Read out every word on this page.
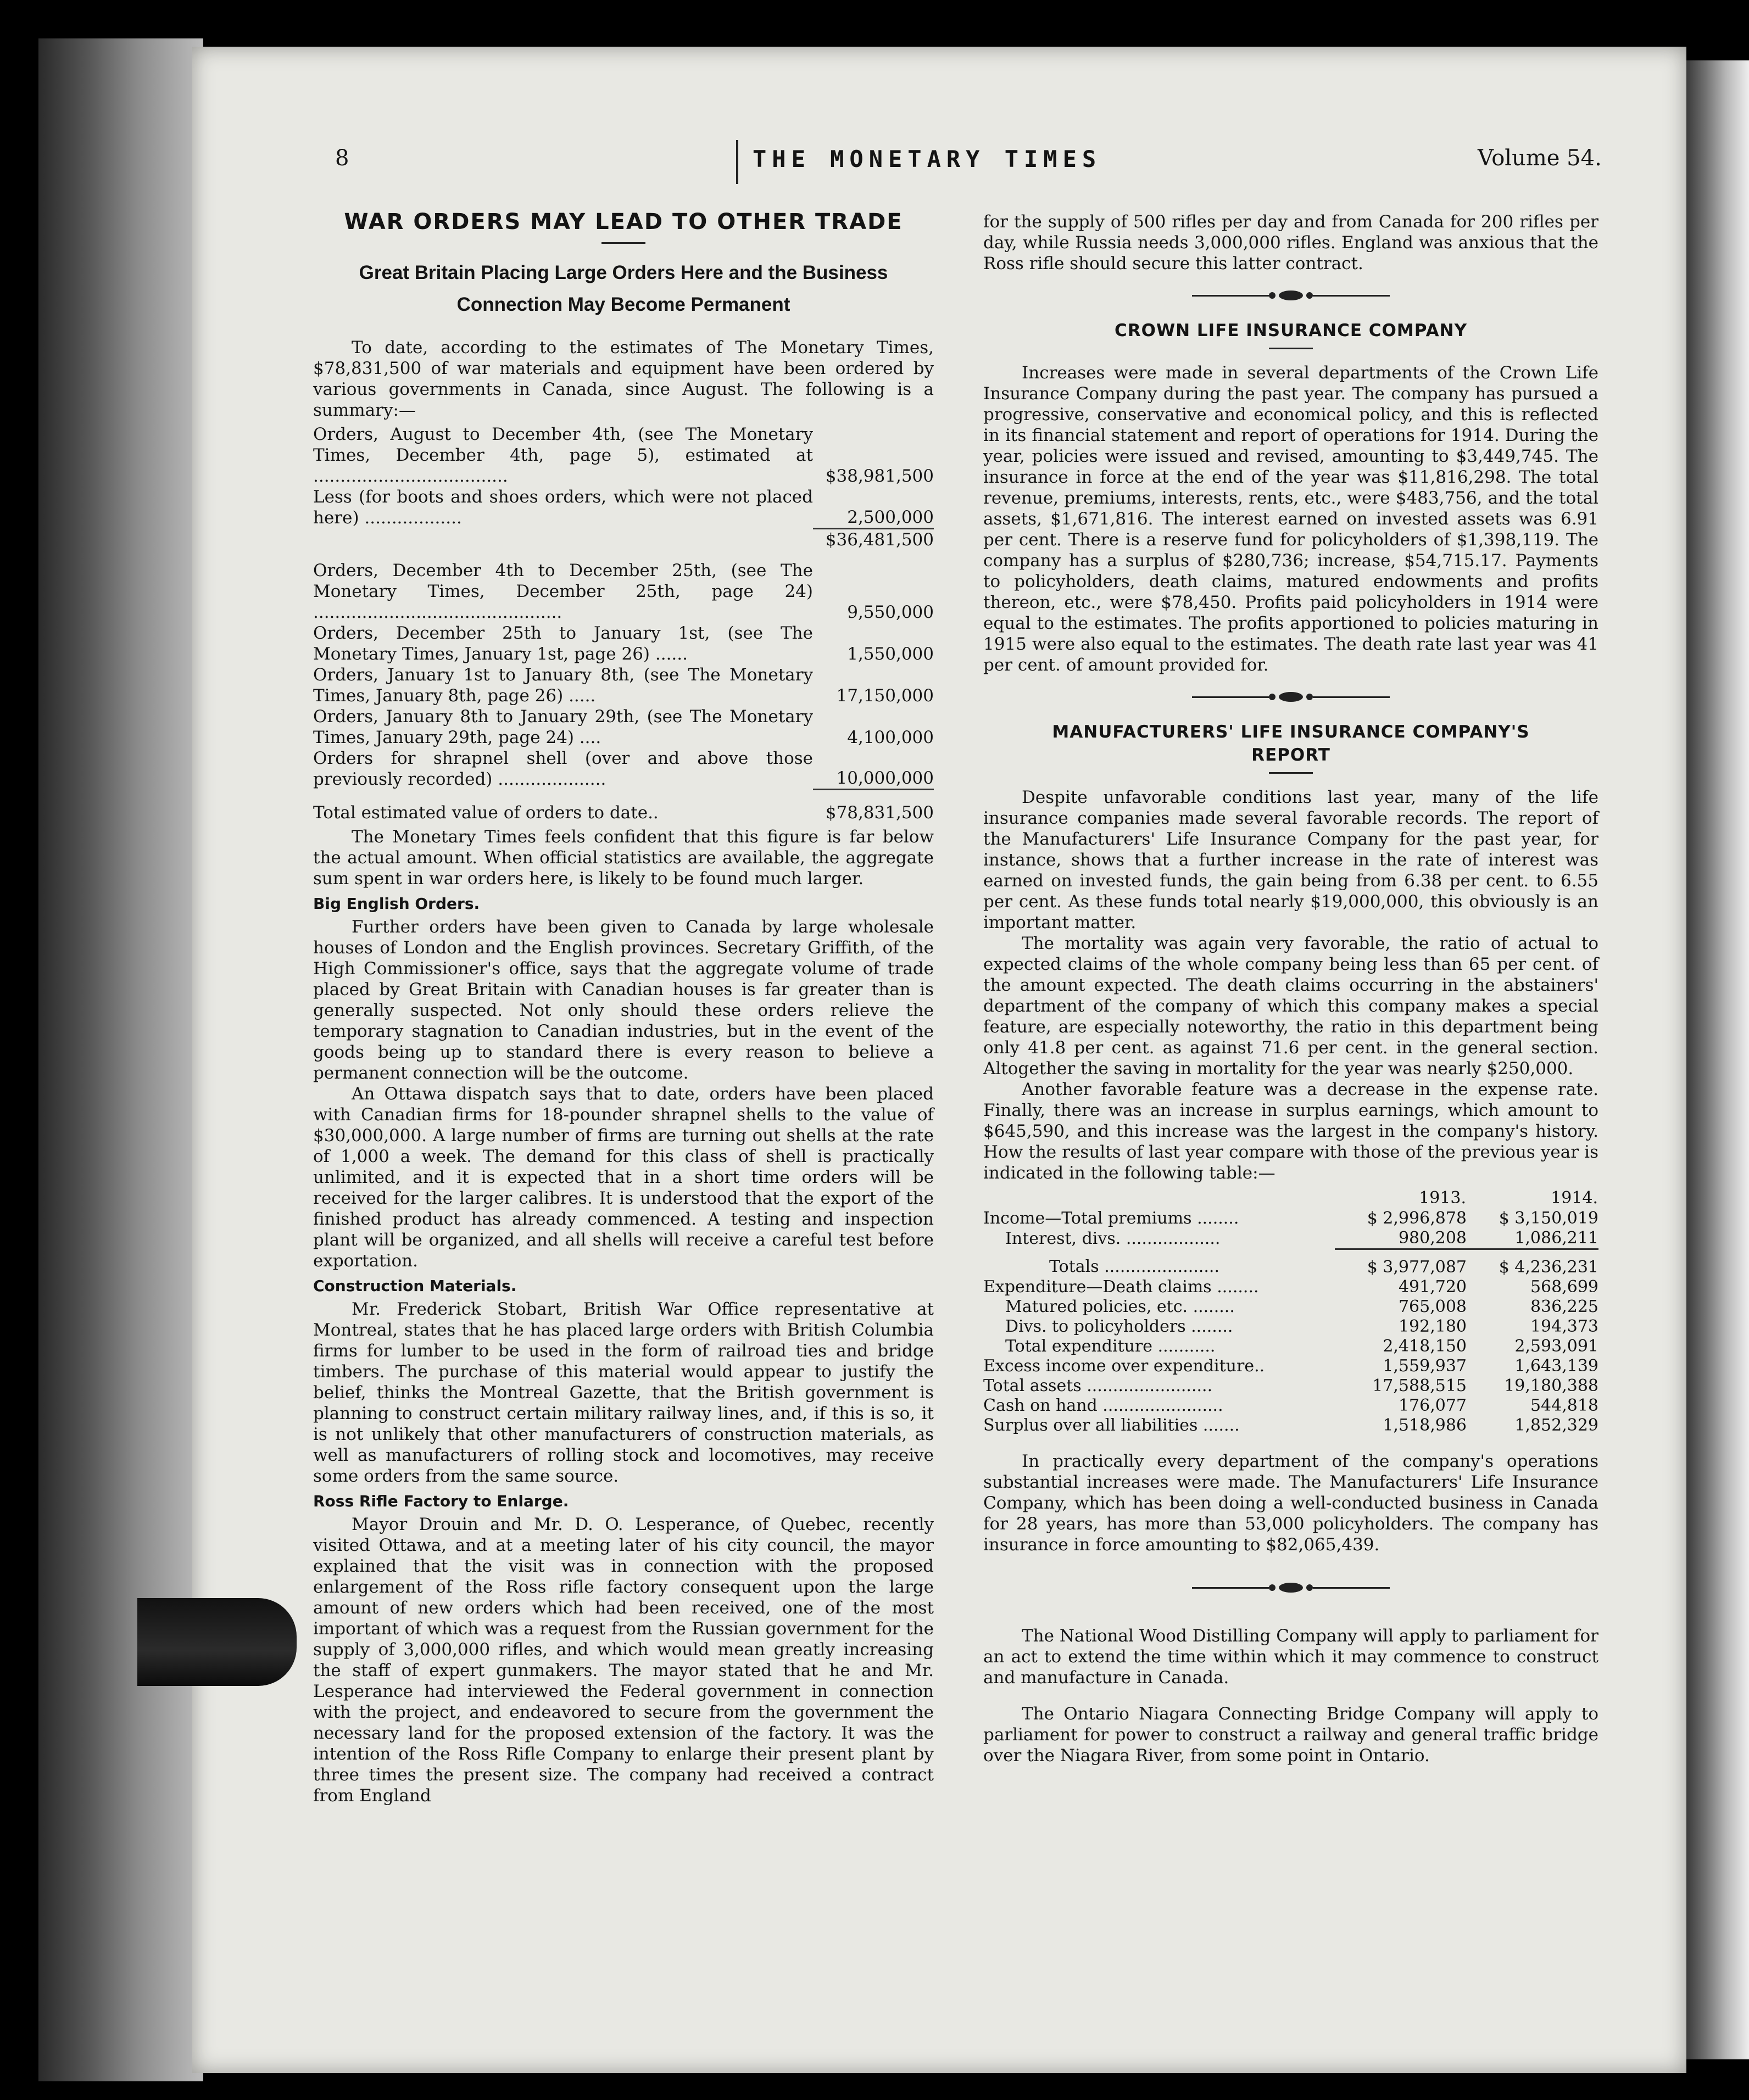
8	THE MONETARY TIMES	Volume 54.
WAR ORDERS MAY LEAD TO OTHER TRADE
Great Britain Placing Large Orders Here and the Business
Connection May Become Permanent

To date, according to the estimates of The Monetary Times, $78,831,500 of war materials and equipment have been ordered by various governments in Canada, since August. The following is a summary:—

Orders, August to December 4th, (see The Monetary Times, December 4th, page 5), estimated at ....................................	$38,981,500
Less (for boots and shoes orders, which were not placed here) ..................	2,500,000
	$36,481,500
Orders, December 4th to December 25th, (see The Monetary Times, December 25th, page 24) ..............................................	9,550,000
Orders, December 25th to January 1st, (see The Monetary Times, January 1st, page 26) ......	1,550,000
Orders, January 1st to January 8th, (see The Monetary Times, January 8th, page 26) .....	17,150,000
Orders, January 8th to January 29th, (see The Monetary Times, January 29th, page 24) ....	4,100,000
Orders for shrapnel shell (over and above those previously recorded) ....................	10,000,000
Total estimated value of orders to date..	$78,831,500

The Monetary Times feels confident that this figure is far below the actual amount. When official statistics are available, the aggregate sum spent in war orders here, is likely to be found much larger.

Big English Orders.

Further orders have been given to Canada by large wholesale houses of London and the English provinces. Secretary Griffith, of the High Commissioner's office, says that the aggregate volume of trade placed by Great Britain with Canadian houses is far greater than is generally suspected. Not only should these orders relieve the temporary stagnation to Canadian industries, but in the event of the goods being up to standard there is every reason to believe a permanent connection will be the outcome.

An Ottawa dispatch says that to date, orders have been placed with Canadian firms for 18-pounder shrapnel shells to the value of $30,000,000. A large number of firms are turning out shells at the rate of 1,000 a week. The demand for this class of shell is practically unlimited, and it is expected that in a short time orders will be received for the larger calibres. It is understood that the export of the finished product has already commenced. A testing and inspection plant will be organized, and all shells will receive a careful test before exportation.

Construction Materials.

Mr. Frederick Stobart, British War Office representative at Montreal, states that he has placed large orders with British Columbia firms for lumber to be used in the form of railroad ties and bridge timbers. The purchase of this material would appear to justify the belief, thinks the Montreal Gazette, that the British government is planning to construct certain military railway lines, and, if this is so, it is not unlikely that other manufacturers of construction materials, as well as manufacturers of rolling stock and locomotives, may receive some orders from the same source.

Ross Rifle Factory to Enlarge.

Mayor Drouin and Mr. D. O. Lesperance, of Quebec, recently visited Ottawa, and at a meeting later of his city council, the mayor explained that the visit was in connection with the proposed enlargement of the Ross rifle factory consequent upon the large amount of new orders which had been received, one of the most important of which was a request from the Russian government for the supply of 3,000,000 rifles, and which would mean greatly increasing the staff of expert gunmakers. The mayor stated that he and Mr. Lesperance had interviewed the Federal government in connection with the project, and endeavored to secure from the government the necessary land for the proposed extension of the factory. It was the intention of the Ross Rifle Company to enlarge their present plant by three times the present size. The company had received a contract from England

for the supply of 500 rifles per day and from Canada for 200 rifles per day, while Russia needs 3,000,000 rifles. England was anxious that the Ross rifle should secure this latter contract.

CROWN LIFE INSURANCE COMPANY

Increases were made in several departments of the Crown Life Insurance Company during the past year. The company has pursued a progressive, conservative and economical policy, and this is reflected in its financial statement and report of operations for 1914. During the year, policies were issued and revised, amounting to $3,449,745. The insurance in force at the end of the year was $11,816,298. The total revenue, premiums, interests, rents, etc., were $483,756, and the total assets, $1,671,816. The interest earned on invested assets was 6.91 per cent. There is a reserve fund for policyholders of $1,398,119. The company has a surplus of $280,736; increase, $54,715.17. Payments to policyholders, death claims, matured endowments and profits thereon, etc., were $78,450. Profits paid policyholders in 1914 were equal to the estimates. The profits apportioned to policies maturing in 1915 were also equal to the estimates. The death rate last year was 41 per cent. of amount provided for.

MANUFACTURERS' LIFE INSURANCE COMPANY'S
REPORT

Despite unfavorable conditions last year, many of the life insurance companies made several favorable records. The report of the Manufacturers' Life Insurance Company for the past year, for instance, shows that a further increase in the rate of interest was earned on invested funds, the gain being from 6.38 per cent. to 6.55 per cent. As these funds total nearly $19,000,000, this obviously is an important matter.

The mortality was again very favorable, the ratio of actual to expected claims of the whole company being less than 65 per cent. of the amount expected. The death claims occurring in the abstainers' department of the company of which this company makes a special feature, are especially noteworthy, the ratio in this department being only 41.8 per cent. as against 71.6 per cent. in the general section. Altogether the saving in mortality for the year was nearly $250,000.

Another favorable feature was a decrease in the expense rate. Finally, there was an increase in surplus earnings, which amount to $645,590, and this increase was the largest in the company's history. How the results of last year compare with those of the previous year is indicated in the following table:—

	1913.	1914.
Income—Total premiums ........	$ 2,996,878	$ 3,150,019
Interest, divs. ..................	980,208	1,086,211
Totals ......................	$ 3,977,087	$ 4,236,231
Expenditure—Death claims ........	491,720	568,699
Matured policies, etc. ........	765,008	836,225
Divs. to policyholders ........	192,180	194,373
Total expenditure ...........	2,418,150	2,593,091
Excess income over expenditure..	1,559,937	1,643,139
Total assets ........................	17,588,515	19,180,388
Cash on hand .......................	176,077	544,818
Surplus over all liabilities .......	1,518,986	1,852,329

In practically every department of the company's operations substantial increases were made. The Manufacturers' Life Insurance Company, which has been doing a well-conducted business in Canada for 28 years, has more than 53,000 policyholders. The company has insurance in force amounting to $82,065,439.

The National Wood Distilling Company will apply to parliament for an act to extend the time within which it may commence to construct and manufacture in Canada.

The Ontario Niagara Connecting Bridge Company will apply to parliament for power to construct a railway and general traffic bridge over the Niagara River, from some point in Ontario.
